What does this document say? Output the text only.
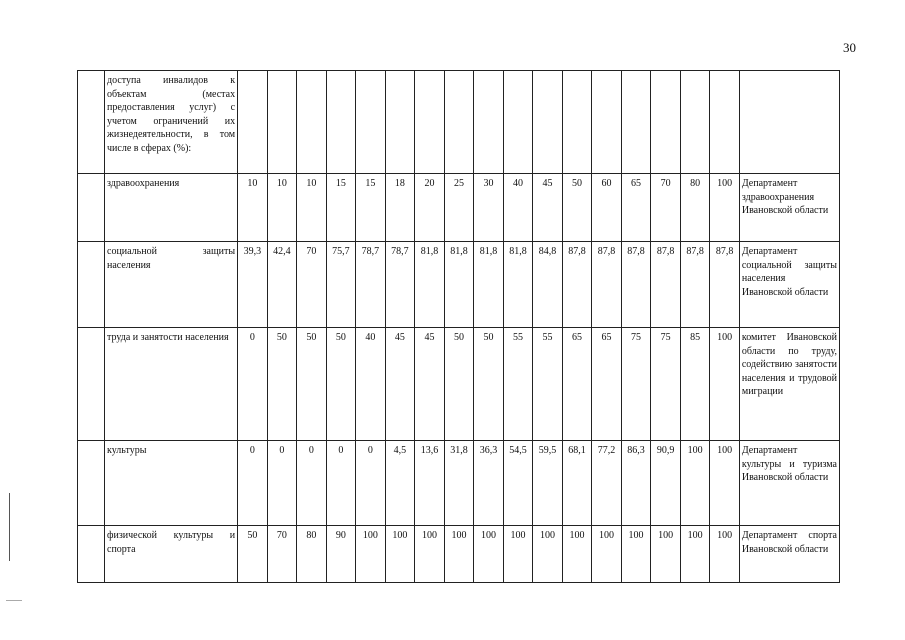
30
	доступа инвалидов к объектам (местах предоставления услуг) с учетом ограничений их жизнедеятельности, в том числе в сферах (%):																		
	здравоохранения	10	10	10	15	15	18	20	25	30	40	45	50	60	65	70	80	100	Департамент здравоохранения Ивановской области
	социальной защиты населения	39,3	42,4	70	75,7	78,7	78,7	81,8	81,8	81,8	81,8	84,8	87,8	87,8	87,8	87,8	87,8	87,8	Департамент социальной защиты населения Ивановской области
	труда и занятости населения	0	50	50	50	40	45	45	50	50	55	55	65	65	75	75	85	100	комитет Ивановской области по труду, содействию занятости населения и трудовой миграции
	культуры	0	0	0	0	0	4,5	13,6	31,8	36,3	54,5	59,5	68,1	77,2	86,3	90,9	100	100	Департамент культуры и туризма Ивановской области
	физической культуры и спорта	50	70	80	90	100	100	100	100	100	100	100	100	100	100	100	100	100	Департамент спорта Ивановской области
